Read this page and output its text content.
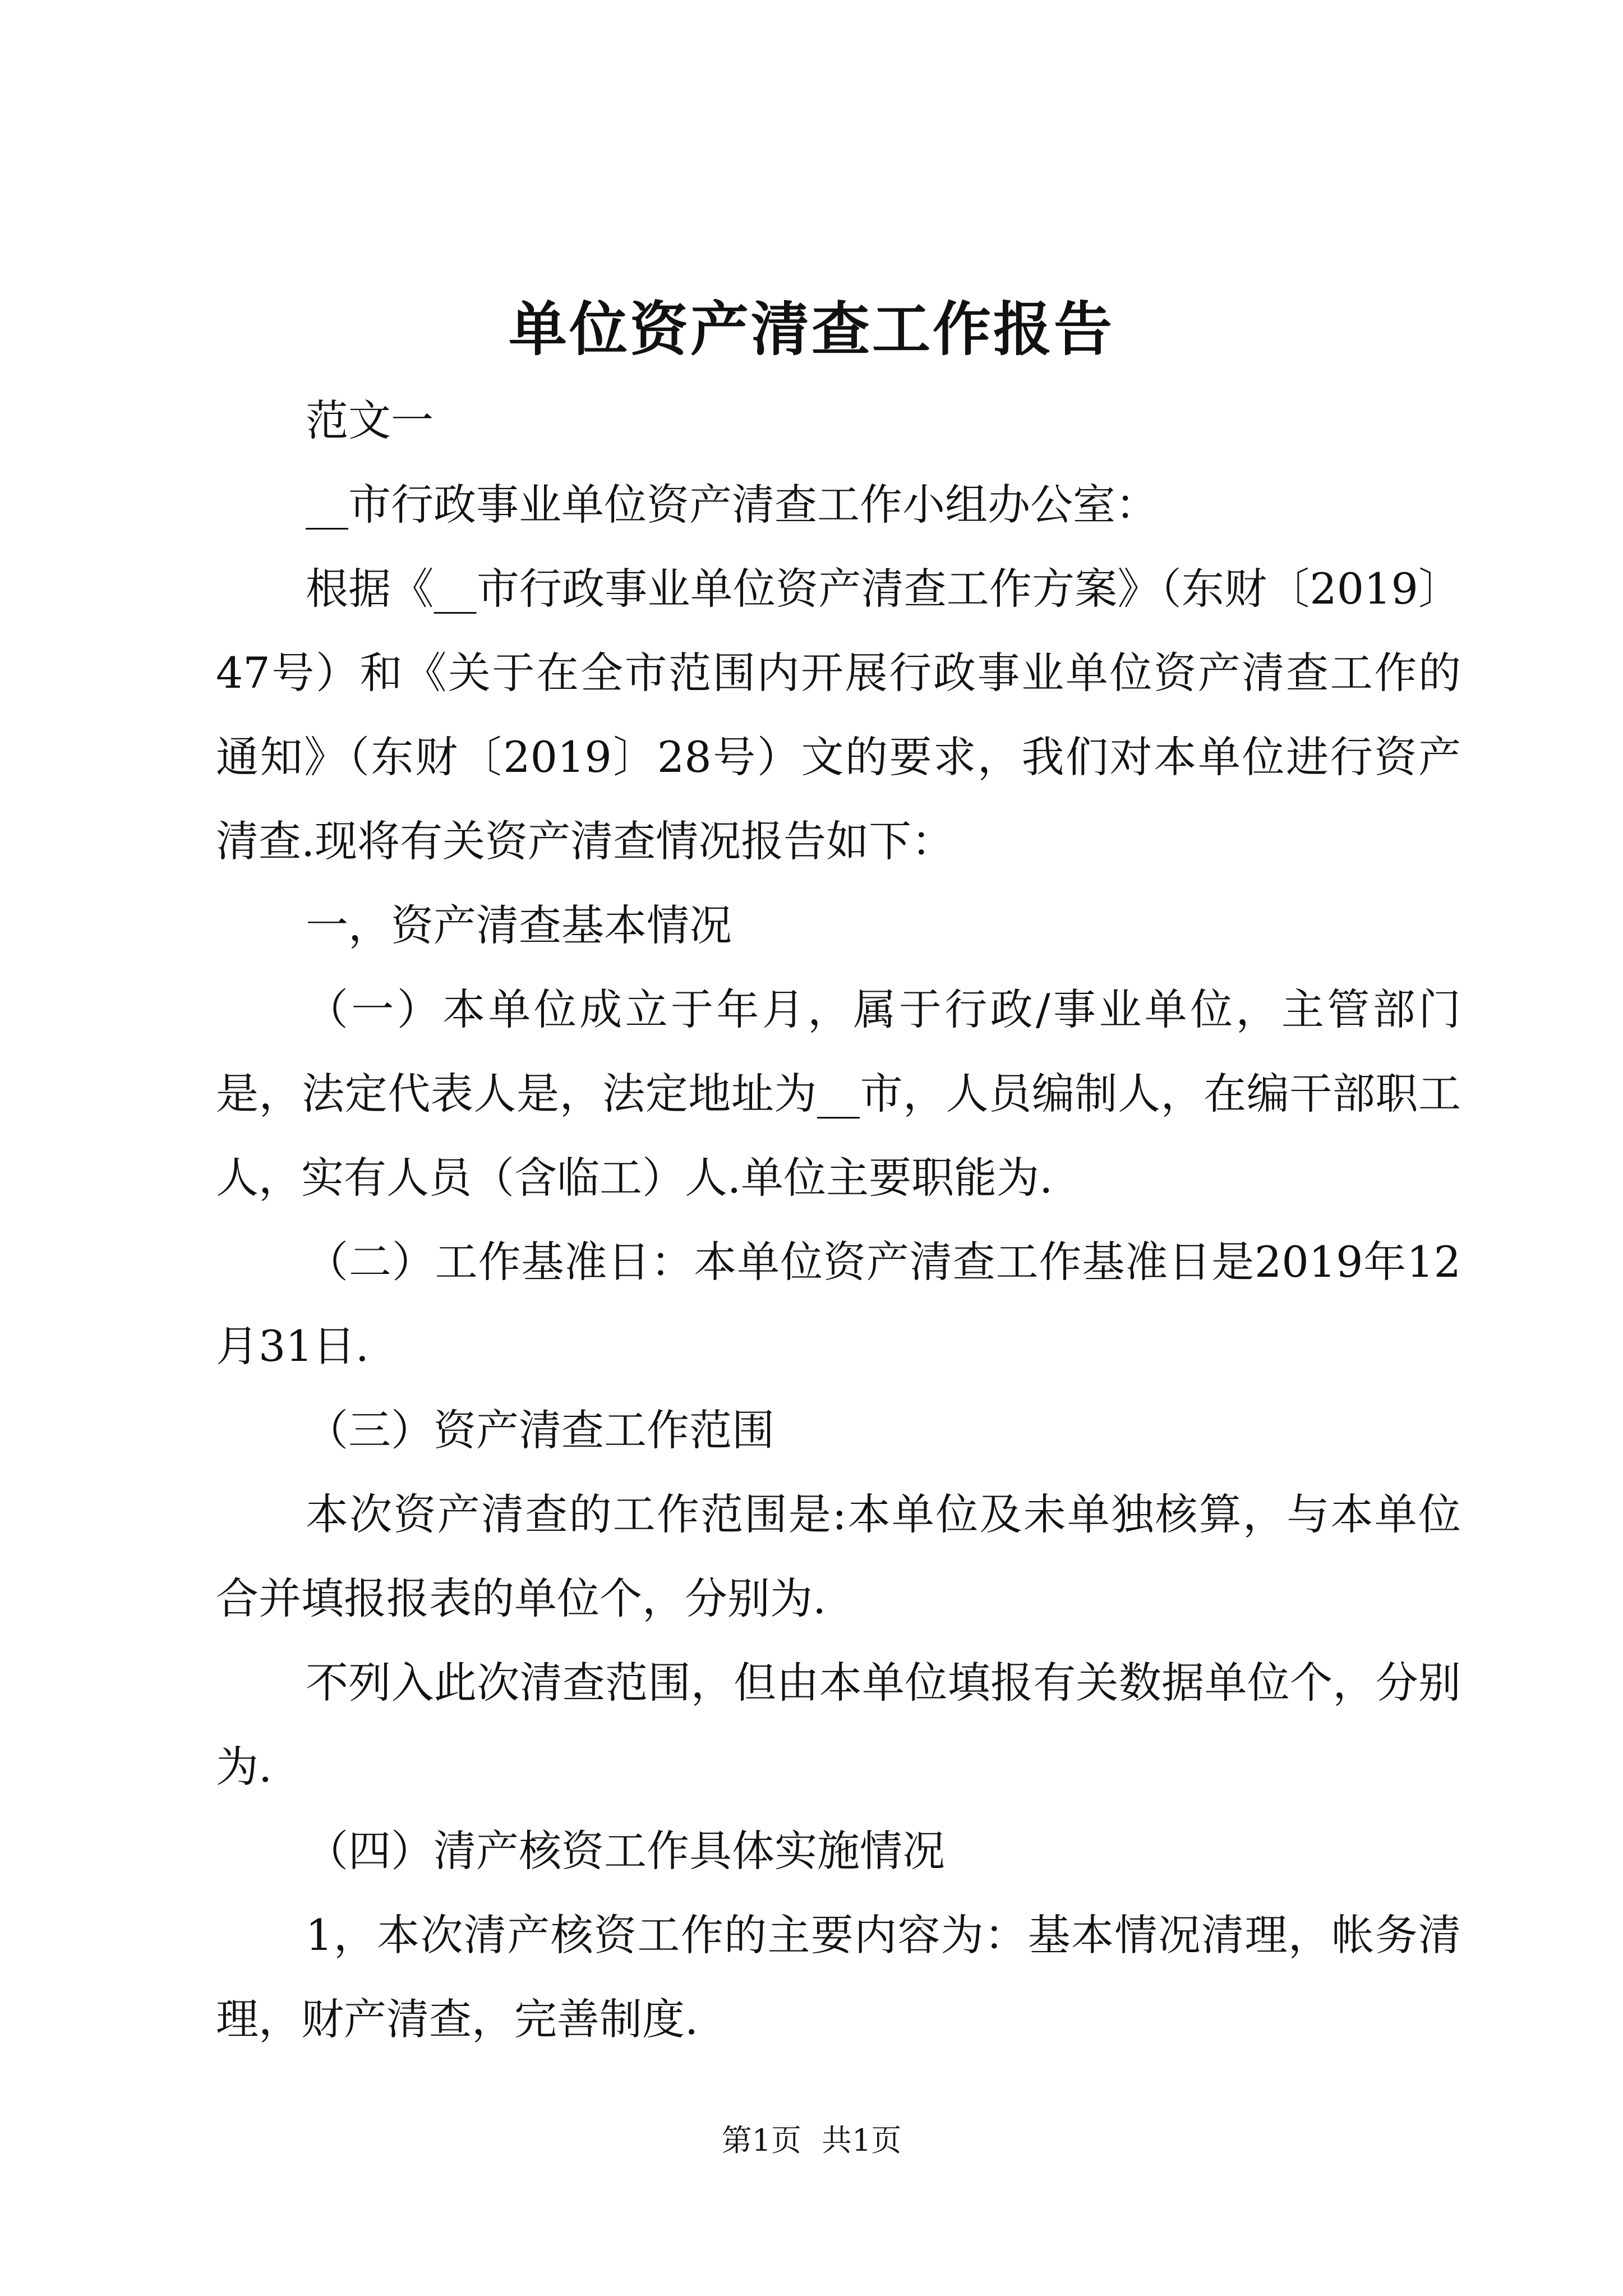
单位资产清查工作报告

范文一

__市行政事业单位资产清查工作小组办公室：

根据《__市行政事业单位资产清查工作方案》（东财〔2019〕47号）和《关于在全市范围内开展行政事业单位资产清查工作的通知》（东财〔2019〕28号）文的要求，我们对本单位进行资产清查.现将有关资产清查情况报告如下：

一，资产清查基本情况

（一）本单位成立于年月，属于行政/事业单位，主管部门是，法定代表人是，法定地址为__市，人员编制人，在编干部职工人，实有人员（含临工）人.单位主要职能为.

（二）工作基准日：本单位资产清查工作基准日是2019年12月31日.

（三）资产清查工作范围

本次资产清查的工作范围是:本单位及未单独核算，与本单位合并填报报表的单位个，分别为.

不列入此次清查范围，但由本单位填报有关数据单位个，分别为.

（四）清产核资工作具体实施情况

1，本次清产核资工作的主要内容为：基本情况清理，帐务清理，财产清查，完善制度.

第1页 共1页
